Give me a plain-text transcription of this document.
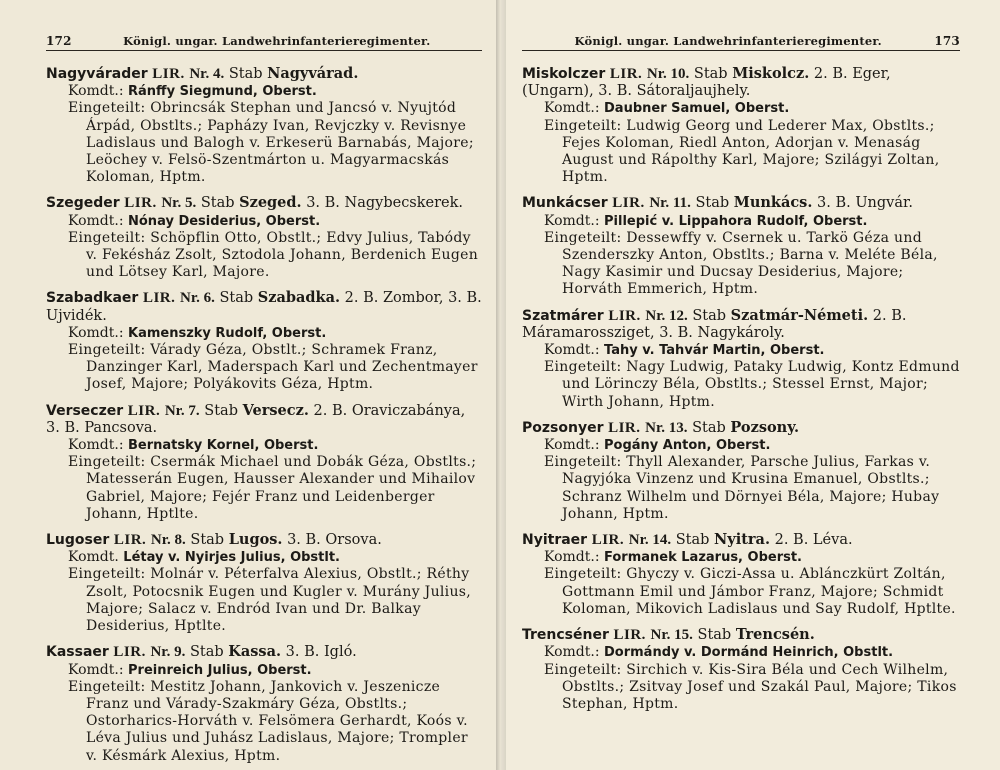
172	Königl. ungar. Landwehrinfanterieregimenter.
Nagyvárader LIR. Nr. 4. Stab Nagyvárad.
Komdt.: Ránffy Siegmund, Oberst.
Eingeteilt: Obrincsák Stephan und Jancsó v. Nyujtód Árpád, Obstlts.; Papházy Ivan, Revjczky v. Revisnye Ladislaus und Balogh v. Erkeserü Barnabás, Majore; Leöchey v. Felsö-Szentmárton u. Magyarmacskás Koloman, Hptm.
Szegeder LIR. Nr. 5. Stab Szeged. 3. B. Nagybecskerek.
Komdt.: Nónay Desiderius, Oberst.
Eingeteilt: Schöpflin Otto, Obstlt.; Edvy Julius, Tabódy v. Fekésház Zsolt, Sztodola Johann, Berdenich Eugen und Lötsey Karl, Majore.
Szabadkaer LIR. Nr. 6. Stab Szabadka. 2. B. Zombor, 3. B. Ujvidék.
Komdt.: Kamenszky Rudolf, Oberst.
Eingeteilt: Várady Géza, Obstlt.; Schramek Franz, Danzinger Karl, Maderspach Karl und Zechentmayer Josef, Majore; Polyákovits Géza, Hptm.
Verseczer LIR. Nr. 7. Stab Versecz. 2. B. Oraviczabánya, 3. B. Pancsova.
Komdt.: Bernatsky Kornel, Oberst.
Eingeteilt: Csermák Michael und Dobák Géza, Obstlts.; Matesserán Eugen, Hausser Alexander und Mihailov Gabriel, Majore; Fejér Franz und Leidenberger Johann, Hptlte.
Lugoser LIR. Nr. 8. Stab Lugos. 3. B. Orsova.
Komdt. Létay v. Nyirjes Julius, Obstlt.
Eingeteilt: Molnár v. Péterfalva Alexius, Obstlt.; Réthy Zsolt, Potocsnik Eugen und Kugler v. Murány Julius, Majore; Salacz v. Endród Ivan und Dr. Balkay Desiderius, Hptlte.
Kassaer LIR. Nr. 9. Stab Kassa. 3. B. Igló.
Komdt.: Preinreich Julius, Oberst.
Eingeteilt: Mestitz Johann, Jankovich v. Jeszenicze Franz und Várady-Szakmáry Géza, Obstlts.; Ostorharics-Horváth v. Felsömera Gerhardt, Koós v. Léva Julius und Juhász Ladislaus, Majore; Trompler v. Késmárk Alexius, Hptm.
Königl. ungar. Landwehrinfanterieregimenter.	173
Miskolczer LIR. Nr. 10. Stab Miskolcz. 2. B. Eger, (Ungarn), 3. B. Sátoraljaujhely.
Komdt.: Daubner Samuel, Oberst.
Eingeteilt: Ludwig Georg und Lederer Max, Obstlts.; Fejes Koloman, Riedl Anton, Adorjan v. Menaság August und Rápolthy Karl, Majore; Szilágyi Zoltan, Hptm.
Munkácser LIR. Nr. 11. Stab Munkács. 3. B. Ungvár.
Komdt.: Pillepić v. Lippahora Rudolf, Oberst.
Eingeteilt: Dessewffy v. Csernek u. Tarkö Géza und Szenderszky Anton, Obstlts.; Barna v. Meléte Béla, Nagy Kasimir und Ducsay Desiderius, Majore; Horváth Emmerich, Hptm.
Szatmárer LIR. Nr. 12. Stab Szatmár-Németi. 2. B. Máramarossziget, 3. B. Nagykároly.
Komdt.: Tahy v. Tahvár Martin, Oberst.
Eingeteilt: Nagy Ludwig, Pataky Ludwig, Kontz Edmund und Lörinczy Béla, Obstlts.; Stessel Ernst, Major; Wirth Johann, Hptm.
Pozsonyer LIR. Nr. 13. Stab Pozsony.
Komdt.: Pogány Anton, Oberst.
Eingeteilt: Thyll Alexander, Parsche Julius, Farkas v. Nagyjóka Vinzenz und Krusina Emanuel, Obstlts.; Schranz Wilhelm und Dörnyei Béla, Majore; Hubay Johann, Hptm.
Nyitraer LIR. Nr. 14. Stab Nyitra. 2. B. Léva.
Komdt.: Formanek Lazarus, Oberst.
Eingeteilt: Ghyczy v. Giczi-Assa u. Ablánczkürt Zoltán, Gottmann Emil und Jámbor Franz, Majore; Schmidt Koloman, Mikovich Ladislaus und Say Rudolf, Hptlte.
Trencséner LIR. Nr. 15. Stab Trencsén.
Komdt.: Dormándy v. Dormánd Heinrich, Obstlt.
Eingeteilt: Sirchich v. Kis-Sira Béla und Cech Wilhelm, Obstlts.; Zsitvay Josef und Szakál Paul, Majore; Tikos Stephan, Hptm.
